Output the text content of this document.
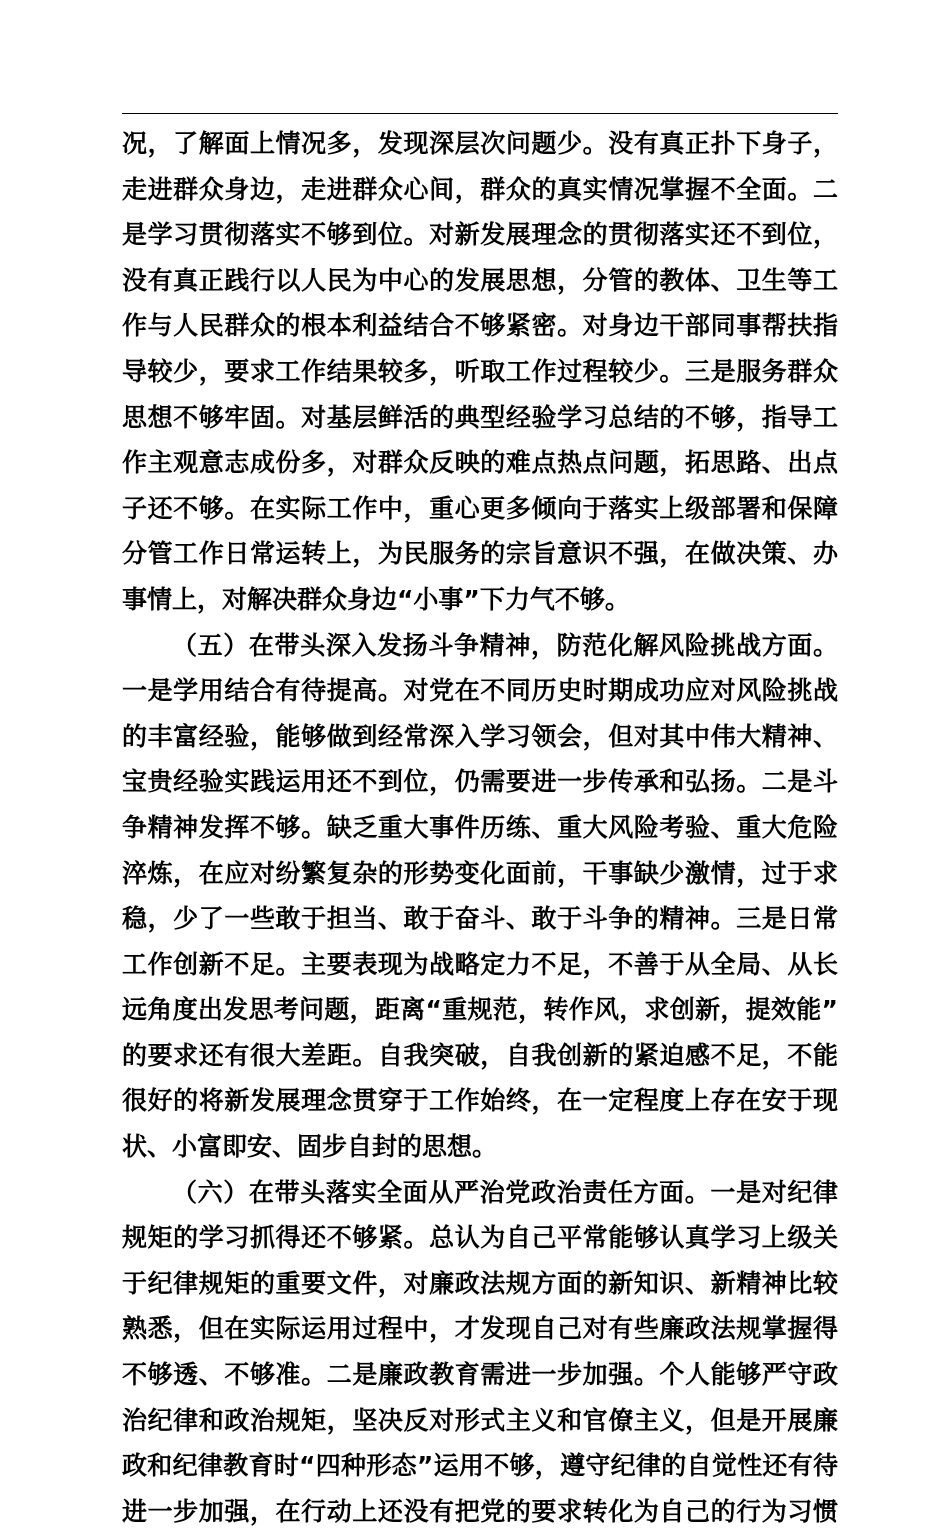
况，了解面上情况多，发现深层次问题少。没有真正扑下身子，
走进群众身边，走进群众心间，群众的真实情况掌握不全面。二
是学习贯彻落实不够到位。对新发展理念的贯彻落实还不到位，
没有真正践行以人民为中心的发展思想，分管的教体、卫生等工
作与人民群众的根本利益结合不够紧密。对身边干部同事帮扶指
导较少，要求工作结果较多，听取工作过程较少。三是服务群众
思想不够牢固。对基层鲜活的典型经验学习总结的不够，指导工
作主观意志成份多，对群众反映的难点热点问题，拓思路、出点
子还不够。在实际工作中，重心更多倾向于落实上级部署和保障
分管工作日常运转上，为民服务的宗旨意识不强，在做决策、办
事情上，对解决群众身边“小事”下力气不够。
（五）在带头深入发扬斗争精神，防范化解风险挑战方面。
一是学用结合有待提高。对党在不同历史时期成功应对风险挑战
的丰富经验，能够做到经常深入学习领会，但对其中伟大精神、
宝贵经验实践运用还不到位，仍需要进一步传承和弘扬。二是斗
争精神发挥不够。缺乏重大事件历练、重大风险考验、重大危险
淬炼，在应对纷繁复杂的形势变化面前，干事缺少激情，过于求
稳，少了一些敢于担当、敢于奋斗、敢于斗争的精神。三是日常
工作创新不足。主要表现为战略定力不足，不善于从全局、从长
远角度出发思考问题，距离“重规范，转作风，求创新，提效能”
的要求还有很大差距。自我突破，自我创新的紧迫感不足，不能
很好的将新发展理念贯穿于工作始终，在一定程度上存在安于现
状、小富即安、固步自封的思想。
（六）在带头落实全面从严治党政治责任方面。一是对纪律
规矩的学习抓得还不够紧。总认为自己平常能够认真学习上级关
于纪律规矩的重要文件，对廉政法规方面的新知识、新精神比较
熟悉，但在实际运用过程中，才发现自己对有些廉政法规掌握得
不够透、不够准。二是廉政教育需进一步加强。个人能够严守政
治纪律和政治规矩，坚决反对形式主义和官僚主义，但是开展廉
政和纪律教育时“四种形态”运用不够，遵守纪律的自觉性还有待
进一步加强，在行动上还没有把党的要求转化为自己的行为习惯
